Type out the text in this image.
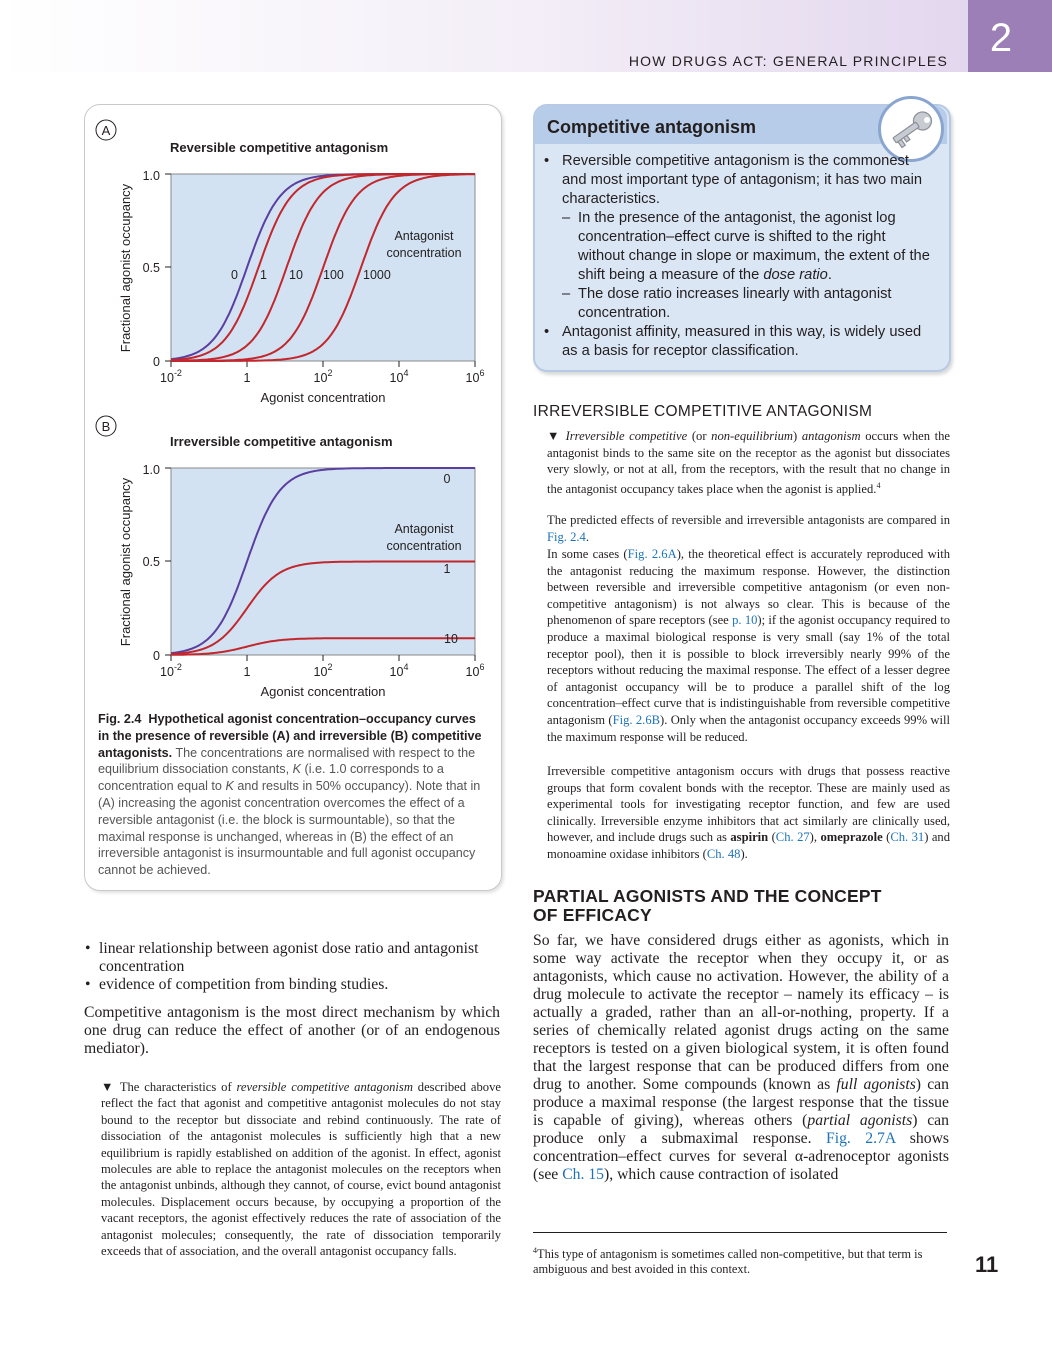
HOW DRUGS ACT: GENERAL PRINCIPLES
2
A
Reversible competitive antagonism
Fractional agonist occupancy
1.0
0.5
0
$10^{-2}$	1	$10^2$	$10^4$	$10^6$
Agonist concentration
Antagonist
concentration
0 1 10 100 1000
B
Irreversible competitive antagonism
Fractional agonist occupancy
1.0
0.5
0
$10^{-2}$	1	$10^2$	$10^4$	$10^6$
Agonist concentration
Antagonist
concentration
0
1
10
Fig. 2.4 Hypothetical agonist concentration–occupancy curves in the presence of reversible (A) and irreversible (B) competitive antagonists. The concentrations are normalised with respect to the equilibrium dissociation constants, K (i.e. 1.0 corresponds to a concentration equal to K and results in 50% occupancy). Note that in (A) increasing the agonist concentration overcomes the effect of a reversible antagonist (i.e. the block is surmountable), so that the maximal response is unchanged, whereas in (B) the effect of an irreversible antagonist is insurmountable and full agonist occupancy cannot be achieved.
Competitive antagonism
• Reversible competitive antagonism is the commonest and most important type of antagonism; it has two main characteristics.
– In the presence of the antagonist, the agonist log concentration–effect curve is shifted to the right without change in slope or maximum, the extent of the shift being a measure of the dose ratio.
– The dose ratio increases linearly with antagonist concentration.
• Antagonist affinity, measured in this way, is widely used as a basis for receptor classification.
IRREVERSIBLE COMPETITIVE ANTAGONISM
▼ Irreversible competitive (or non-equilibrium) antagonism occurs when the antagonist binds to the same site on the receptor as the agonist but dissociates very slowly, or not at all, from the receptors, with the result that no change in the antagonist occupancy takes place when the agonist is applied.$^4$
The predicted effects of reversible and irreversible antagonists are compared in Fig. 2.4.
In some cases (Fig. 2.6A), the theoretical effect is accurately reproduced with the antagonist reducing the maximum response. However, the distinction between reversible and irreversible competitive antagonism (or even non-competitive antagonism) is not always so clear. This is because of the phenomenon of spare receptors (see p. 10); if the agonist occupancy required to produce a maximal biological response is very small (say 1% of the total receptor pool), then it is possible to block irreversibly nearly 99% of the receptors without reducing the maximal response. The effect of a lesser degree of antagonist occupancy will be to produce a parallel shift of the log concentration–effect curve that is indistinguishable from reversible competitive antagonism (Fig. 2.6B). Only when the antagonist occupancy exceeds 99% will the maximum response will be reduced.
Irreversible competitive antagonism occurs with drugs that possess reactive groups that form covalent bonds with the receptor. These are mainly used as experimental tools for investigating receptor function, and few are used clinically. Irreversible enzyme inhibitors that act similarly are clinically used, however, and include drugs such as aspirin (Ch. 27), omeprazole (Ch. 31) and monoamine oxidase inhibitors (Ch. 48).
PARTIAL AGONISTS AND THE CONCEPT
OF EFFICACY
So far, we have considered drugs either as agonists, which in some way activate the receptor when they occupy it, or as antagonists, which cause no activation. However, the ability of a drug molecule to activate the receptor – namely its efficacy – is actually a graded, rather than an all-or-nothing, property. If a series of chemically related agonist drugs acting on the same receptors is tested on a given biological system, it is often found that the largest response that can be produced differs from one drug to another. Some compounds (known as full agonists) can produce a maximal response (the largest response that the tissue is capable of giving), whereas others (partial agonists) can produce only a submaximal response. Fig. 2.7A shows concentration–effect curves for several α-adrenoceptor agonists (see Ch. 15), which cause contraction of isolated
$^4$This type of antagonism is sometimes called non-competitive, but that term is ambiguous and best avoided in this context.	11
• linear relationship between agonist dose ratio and antagonist concentration
• evidence of competition from binding studies.
Competitive antagonism is the most direct mechanism by which one drug can reduce the effect of another (or of an endogenous mediator).
▼ The characteristics of reversible competitive antagonism described above reflect the fact that agonist and competitive antagonist molecules do not stay bound to the receptor but dissociate and rebind continuously. The rate of dissociation of the antagonist molecules is sufficiently high that a new equilibrium is rapidly established on addition of the agonist. In effect, agonist molecules are able to replace the antagonist molecules on the receptors when the antagonist unbinds, although they cannot, of course, evict bound antagonist molecules. Displacement occurs because, by occupying a proportion of the vacant receptors, the agonist effectively reduces the rate of association of the antagonist molecules; consequently, the rate of dissociation temporarily exceeds that of association, and the overall antagonist occupancy falls.
